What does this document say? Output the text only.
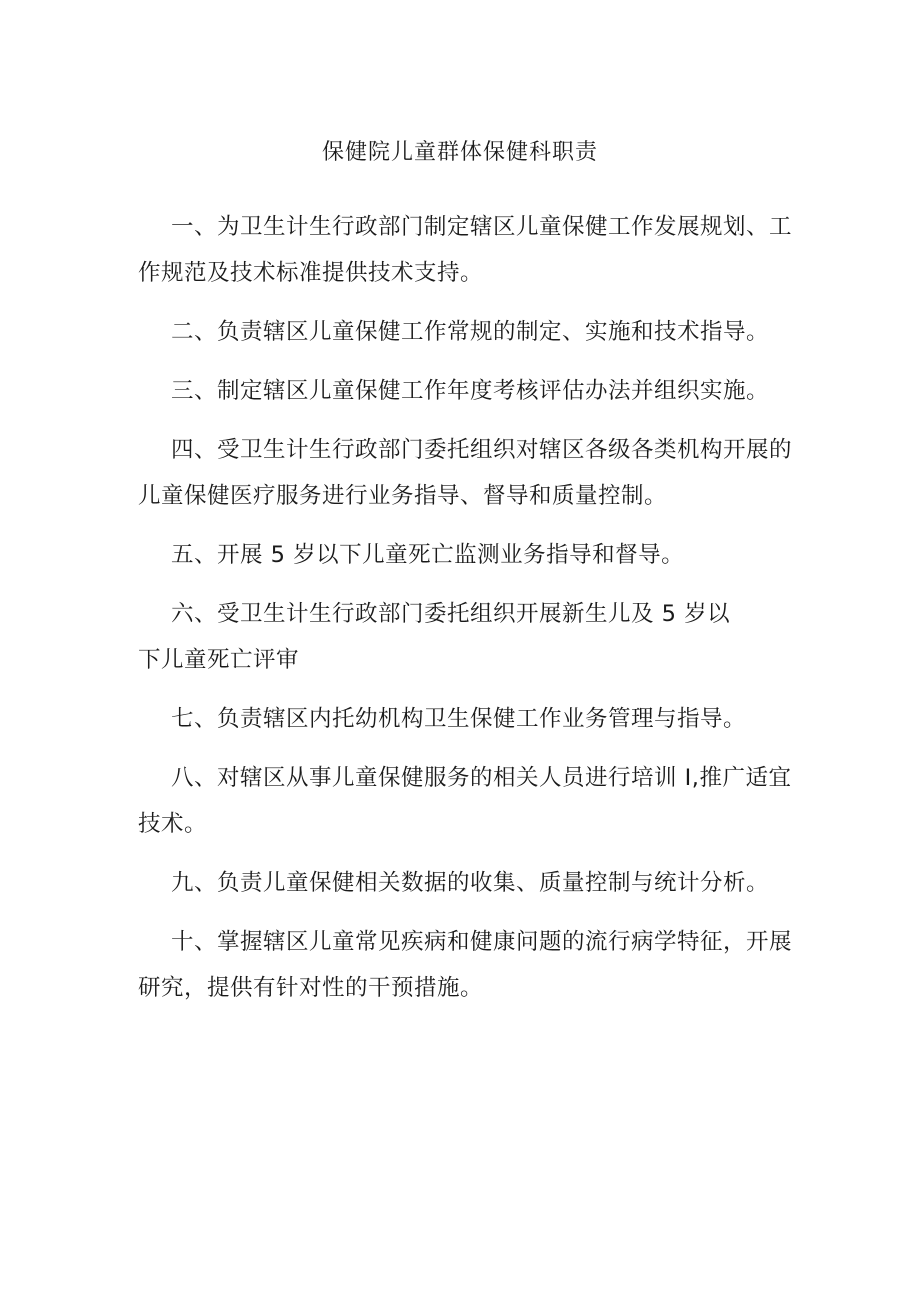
保健院儿童群体保健科职责

一、为卫生计生行政部门制定辖区儿童保健工作发展规划、工作规范及技术标准提供技术支持。

二、负责辖区儿童保健工作常规的制定、实施和技术指导。

三、制定辖区儿童保健工作年度考核评估办法并组织实施。

四、受卫生计生行政部门委托组织对辖区各级各类机构开展的儿童保健医疗服务进行业务指导、督导和质量控制。

五、开展 5 岁以下儿童死亡监测业务指导和督导。

六、受卫生计生行政部门委托组织开展新生儿及 5 岁以

下儿童死亡评审

七、负责辖区内托幼机构卫生保健工作业务管理与指导。

八、对辖区从事儿童保健服务的相关人员进行培训 I,推广适宜技术。

九、负责儿童保健相关数据的收集、质量控制与统计分析。

十、掌握辖区儿童常见疾病和健康问题的流行病学特征，开展研究，提供有针对性的干预措施。
